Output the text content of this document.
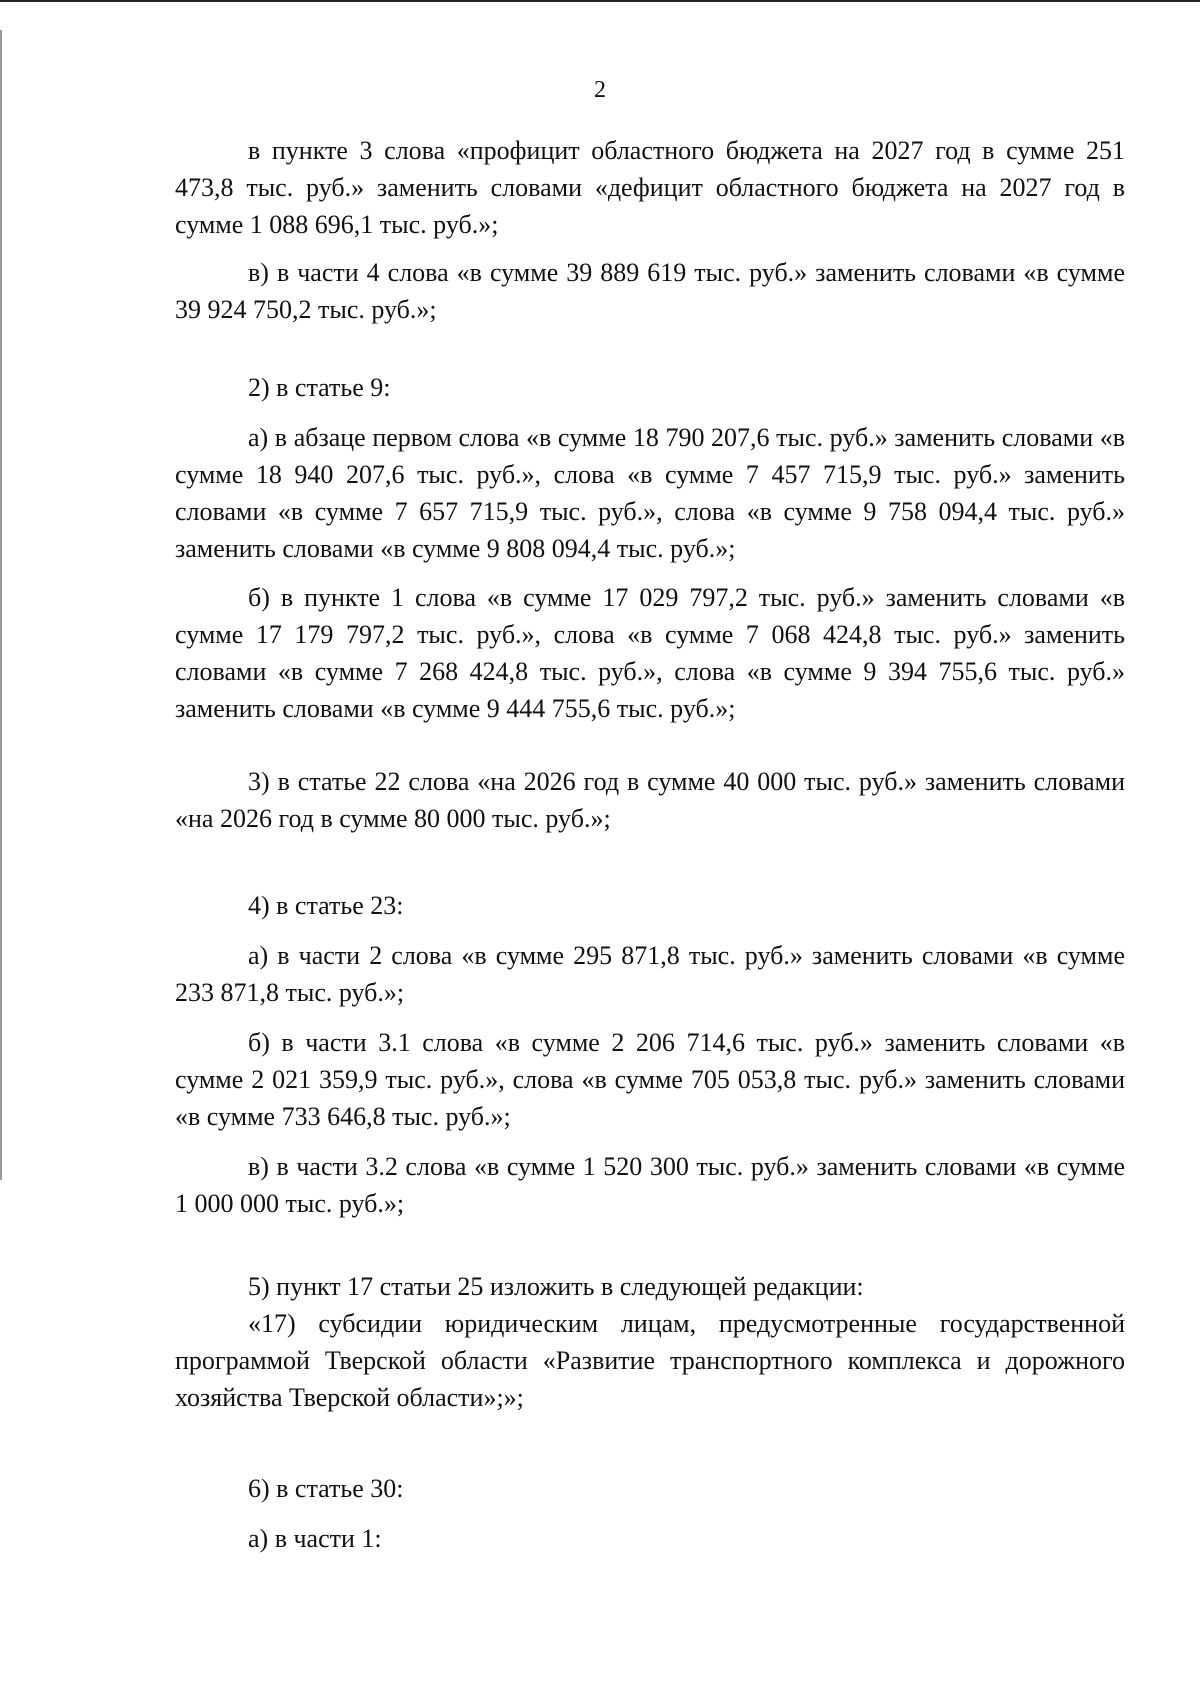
2

в пункте 3 слова «профицит областного бюджета на 2027 год в сумме 251 473,8 тыс. руб.» заменить словами «дефицит областного бюджета на 2027 год в сумме 1 088 696,1 тыс. руб.»;

в) в части 4 слова «в сумме 39 889 619 тыс. руб.» заменить словами «в сумме 39 924 750,2 тыс. руб.»;

2) в статье 9:

а) в абзаце первом слова «в сумме 18 790 207,6 тыс. руб.» заменить словами «в сумме 18 940 207,6 тыс. руб.», слова «в сумме 7 457 715,9 тыс. руб.» заменить словами «в сумме 7 657 715,9 тыс. руб.», слова «в сумме 9 758 094,4 тыс. руб.» заменить словами «в сумме 9 808 094,4 тыс. руб.»;

б) в пункте 1 слова «в сумме 17 029 797,2 тыс. руб.» заменить словами «в сумме 17 179 797,2 тыс. руб.», слова «в сумме 7 068 424,8 тыс. руб.» заменить словами «в сумме 7 268 424,8 тыс. руб.», слова «в сумме 9 394 755,6 тыс. руб.» заменить словами «в сумме 9 444 755,6 тыс. руб.»;

3) в статье 22 слова «на 2026 год в сумме 40 000 тыс. руб.» заменить словами «на 2026 год в сумме 80 000 тыс. руб.»;

4) в статье 23:

а) в части 2 слова «в сумме 295 871,8 тыс. руб.» заменить словами «в сумме 233 871,8 тыс. руб.»;

б) в части 3.1 слова «в сумме 2 206 714,6 тыс. руб.» заменить словами «в сумме 2 021 359,9 тыс. руб.», слова «в сумме 705 053,8 тыс. руб.» заменить словами «в сумме 733 646,8 тыс. руб.»;

в) в части 3.2 слова «в сумме 1 520 300 тыс. руб.» заменить словами «в сумме 1 000 000 тыс. руб.»;

5) пункт 17 статьи 25 изложить в следующей редакции:

«17) субсидии юридическим лицам, предусмотренные государственной программой Тверской области «Развитие транспортного комплекса и дорожного хозяйства Тверской области»;»;

6) в статье 30:

а) в части 1:
